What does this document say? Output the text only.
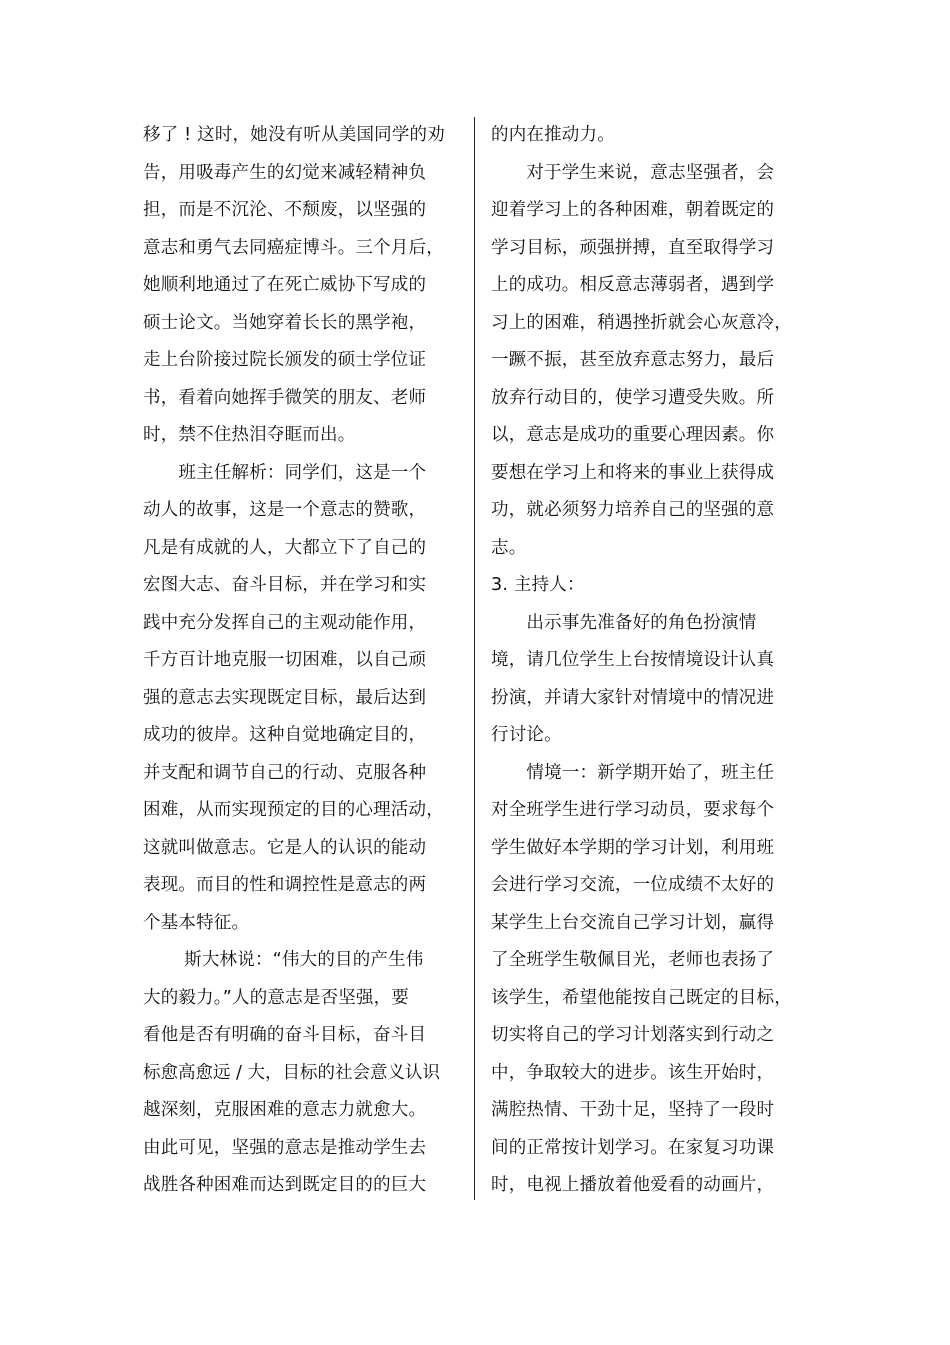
移了 ! 这时，她没有听从美国同学的劝
告，用吸毒产生的幻觉来减轻精神负
担，而是不沉沦、不颓废，以坚强的
意志和勇气去同癌症博斗。三个月后，
她顺利地通过了在死亡威协下写成的
硕士论文。当她穿着长长的黑学袍，
走上台阶接过院长颁发的硕士学位证
书，看着向她挥手微笑的朋友、老师
时，禁不住热泪夺眶而出。
　　班主任解析：同学们，这是一个
动人的故事，这是一个意志的赞歌，
凡是有成就的人，大都立下了自己的
宏图大志、奋斗目标，并在学习和实
践中充分发挥自己的主观动能作用，
千方百计地克服一切困难，以自己顽
强的意志去实现既定目标，最后达到
成功的彼岸。这种自觉地确定目的，
并支配和调节自己的行动、克服各种
困难，从而实现预定的目的心理活动，
这就叫做意志。它是人的认识的能动
表现。而目的性和调控性是意志的两
个基本特征。
　　 斯大林说：“伟大的目的产生伟
大的毅力。”人的意志是否坚强，要
看他是否有明确的奋斗目标，奋斗目
标愈高愈远 / 大，目标的社会意义认识
越深刻，克服困难的意志力就愈大。
由此可见，坚强的意志是推动学生去
战胜各种困难而达到既定目的的巨大
的内在推动力。
　　对于学生来说，意志坚强者，会
迎着学习上的各种困难，朝着既定的
学习目标，顽强拼搏，直至取得学习
上的成功。相反意志薄弱者，遇到学
习上的困难，稍遇挫折就会心灰意冷，
一蹶不振，甚至放弃意志努力，最后
放弃行动目的，使学习遭受失败。所
以，意志是成功的重要心理因素。你
要想在学习上和将来的事业上获得成
功，就必须努力培养自己的坚强的意
志。
3. 主持人：
　　出示事先准备好的角色扮演情
境，请几位学生上台按情境设计认真
扮演，并请大家针对情境中的情况进
行讨论。
　　情境一：新学期开始了，班主任
对全班学生进行学习动员，要求每个
学生做好本学期的学习计划，利用班
会进行学习交流，一位成绩不太好的
某学生上台交流自己学习计划，赢得
了全班学生敬佩目光，老师也表扬了
该学生，希望他能按自己既定的目标，
切实将自己的学习计划落实到行动之
中，争取较大的进步。该生开始时，
满腔热情、干劲十足，坚持了一段时
间的正常按计划学习。在家复习功课
时，电视上播放着他爱看的动画片，
